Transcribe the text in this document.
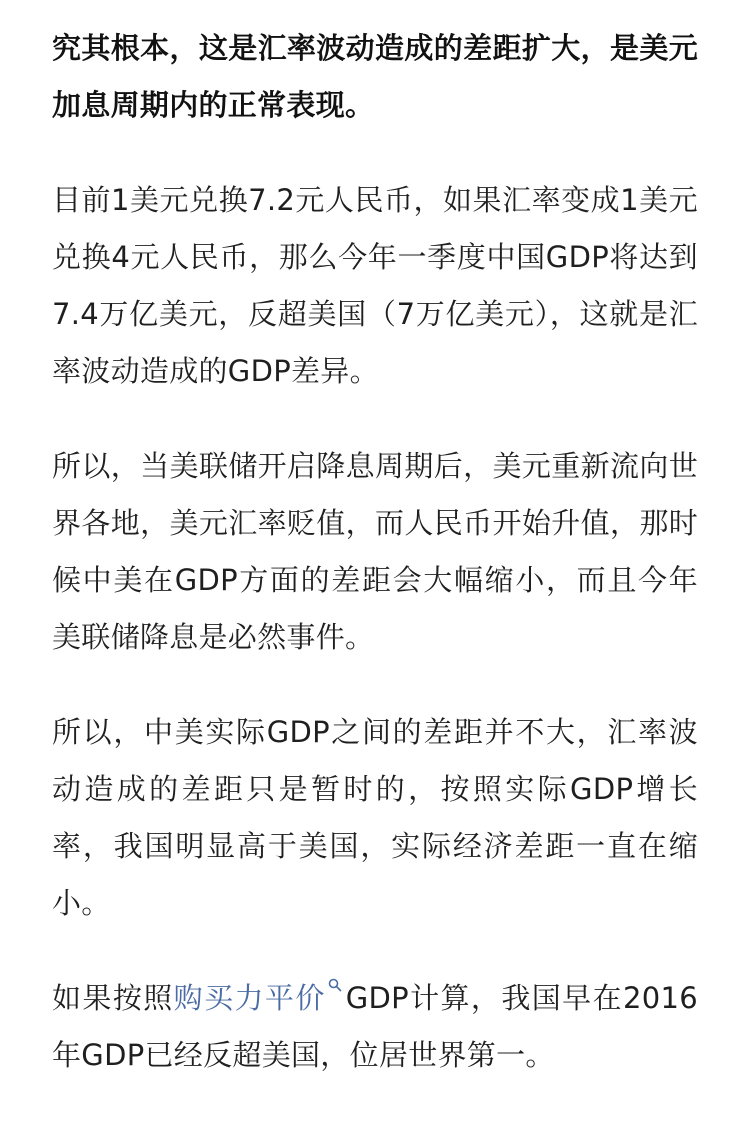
究其根本，这是汇率波动造成的差距扩大，是美元加息周期内的正常表现。

目前1美元兑换7.2元人民币，如果汇率变成1美元兑换4元人民币，那么今年一季度中国GDP将达到7.4万亿美元，反超美国（7万亿美元），这就是汇率波动造成的GDP差异。

所以，当美联储开启降息周期后，美元重新流向世界各地，美元汇率贬值，而人民币开始升值，那时候中美在GDP方面的差距会大幅缩小，而且今年美联储降息是必然事件。

所以，中美实际GDP之间的差距并不大，汇率波动造成的差距只是暂时的，按照实际GDP增长率，我国明显高于美国，实际经济差距一直在缩小。

如果按照购买力平价 GDP计算，我国早在2016年GDP已经反超美国，位居世界第一。
